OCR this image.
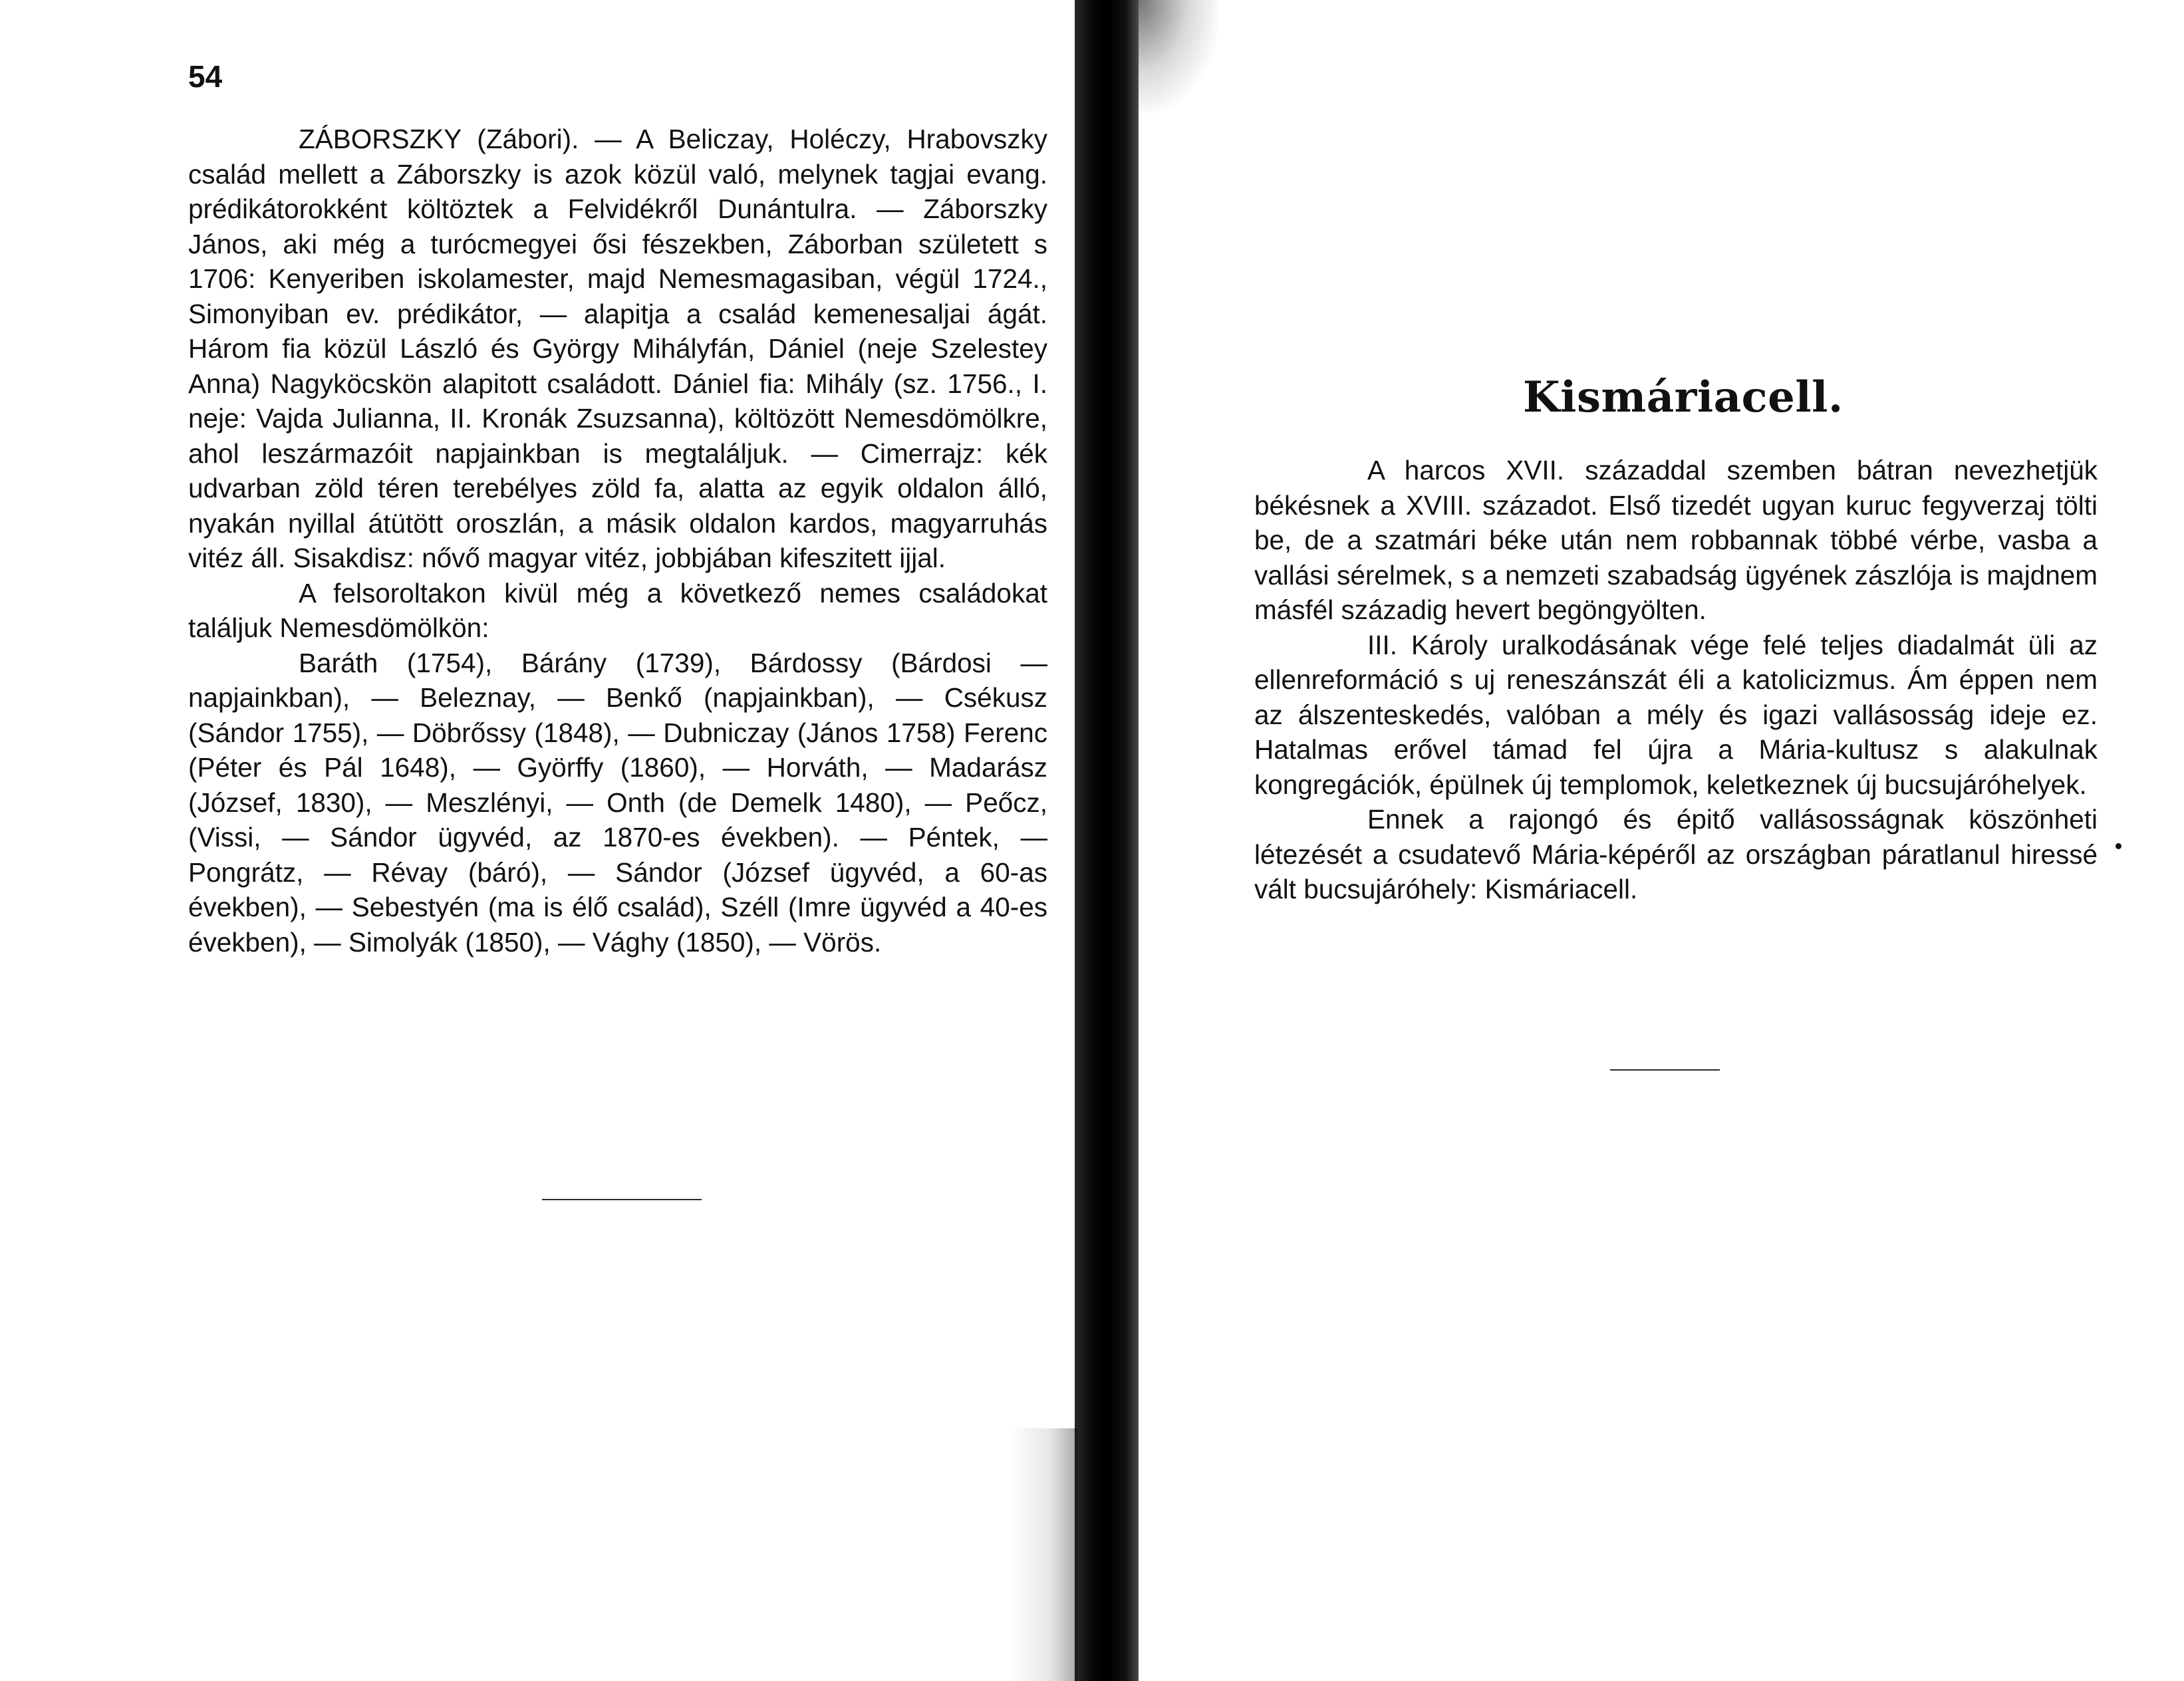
54

ZÁBORSZKY (Zábori). — A Beliczay, Holéczy, Hrabovszky család mellett a Záborszky is azok közül való, melynek tagjai evang. prédikátorokként költöztek a Felvidékről Dunántulra. — Záborszky János, aki még a turócmegyei ősi fészekben, Záborban született s 1706: Kenyeriben iskolamester, majd Nemesmagasiban, végül 1724., Simonyiban ev. prédikátor, — alapitja a család kemenesaljai ágát. Három fia közül László és György Mihályfán, Dániel (neje Szelestey Anna) Nagyköcskön alapitott családott. Dániel fia: Mihály (sz. 1756., I. neje: Vajda Julianna, II. Kronák Zsuzsanna), költözött Nemesdömölkre, ahol leszármazóit napjainkban is megtaláljuk. — Cimerrajz: kék udvarban zöld téren terebélyes zöld fa, alatta az egyik oldalon álló, nyakán nyillal átütött oroszlán, a másik oldalon kardos, magyarruhás vitéz áll. Sisakdisz: nővő magyar vitéz, jobbjában kifeszitett ijjal.

A felsoroltakon kivül még a következő nemes családokat találjuk Nemesdömölkön:

Baráth (1754), Bárány (1739), Bárdossy (Bárdosi — napjainkban), — Beleznay, — Benkő (napjainkban), — Csékusz (Sándor 1755), — Döbrőssy (1848), — Dubniczay (János 1758) Ferenc (Péter és Pál 1648), — Györffy (1860), — Horváth, — Madarász (József, 1830), — Meszlényi, — Onth (de Demelk 1480), — Peőcz, (Vissi, — Sándor ügyvéd, az 1870-es években). — Péntek, — Pongrátz, — Révay (báró), — Sándor (József ügyvéd, a 60-as években), — Sebestyén (ma is élő család), Széll (Imre ügyvéd a 40-es években), — Simolyák (1850), — Vághy (1850), — Vörös.

Kismáriacell.

A harcos XVII. századdal szemben bátran nevezhetjük békésnek a XVIII. századot. Első tizedét ugyan kuruc fegyverzaj tölti be, de a szatmári béke után nem robbannak többé vérbe, vasba a vallási sérelmek, s a nemzeti szabadság ügyének zászlója is majdnem másfél századig hevert begöngyölten.

III. Károly uralkodásának vége felé teljes diadalmát üli az ellenreformáció s uj reneszánszát éli a katolicizmus. Ám éppen nem az álszenteskedés, valóban a mély és igazi vallásosság ideje ez. Hatalmas erővel támad fel újra a Mária-kultusz s alakulnak kongregációk, épülnek új templomok, keletkeznek új bucsujáróhelyek.

Ennek a rajongó és épitő vallásosságnak köszönheti létezését a csudatevő Mária-képéről az országban páratlanul hiressé vált bucsujáróhely: Kismáriacell.
